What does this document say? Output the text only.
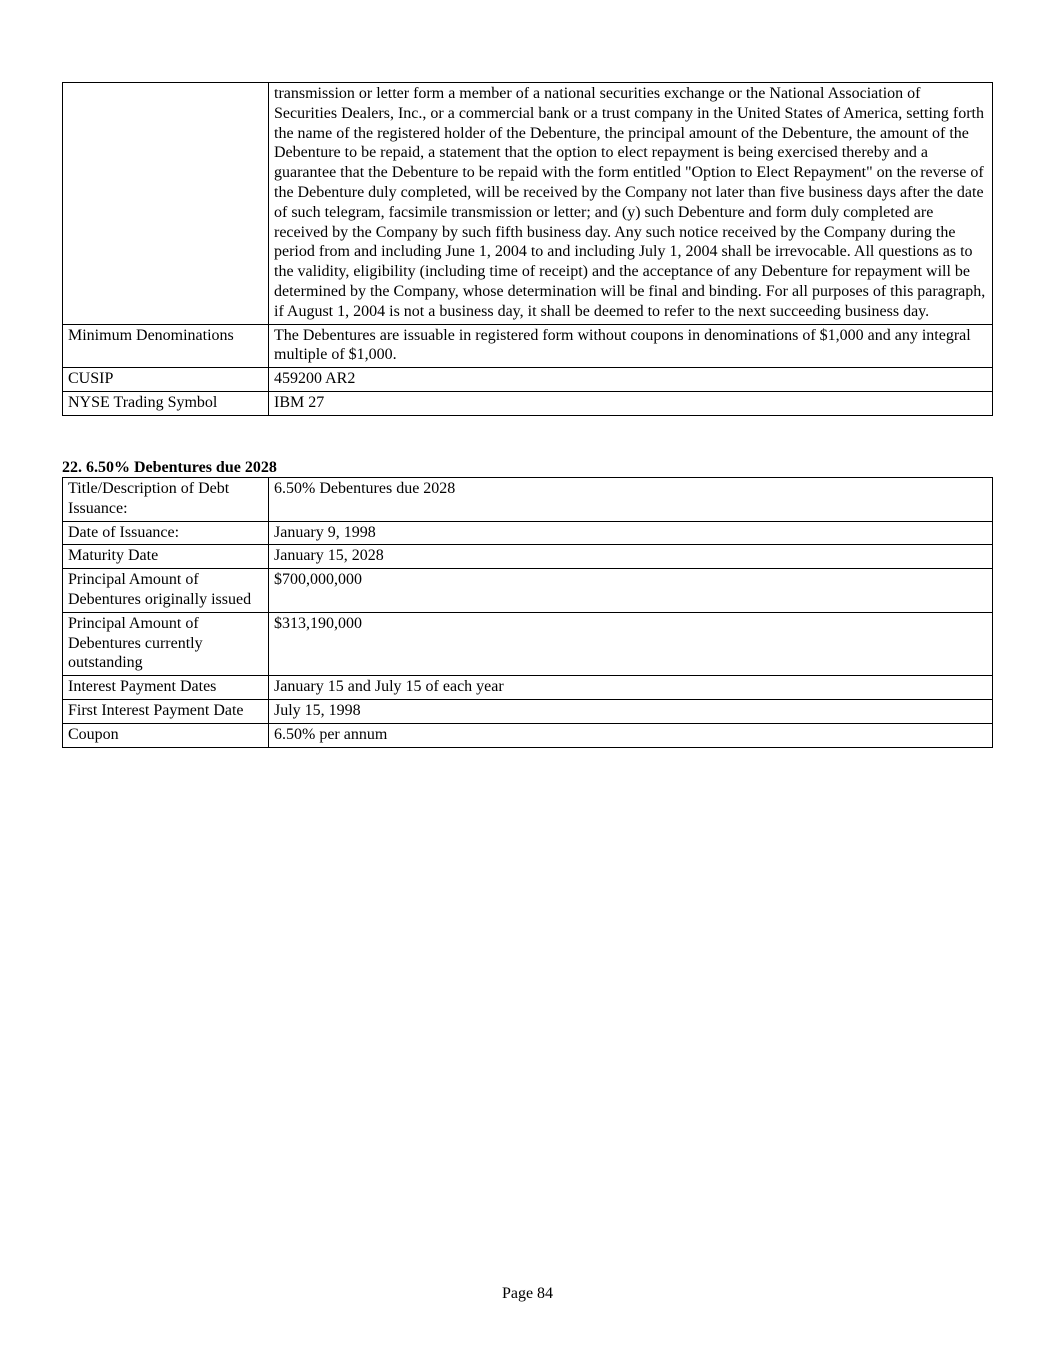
	transmission or letter form a member of a national securities exchange or the National Association of Securities Dealers, Inc., or a commercial bank or a trust company in the United States of America, setting forth the name of the registered holder of the Debenture, the principal amount of the Debenture, the amount of the Debenture to be repaid, a statement that the option to elect repayment is being exercised thereby and a guarantee that the Debenture to be repaid with the form entitled "Option to Elect Repayment" on the reverse of the Debenture duly completed, will be received by the Company not later than five business days after the date of such telegram, facsimile transmission or letter; and (y) such Debenture and form duly completed are received by the Company by such fifth business day. Any such notice received by the Company during the period from and including June 1, 2004 to and including July 1, 2004 shall be irrevocable. All questions as to the validity, eligibility (including time of receipt) and the acceptance of any Debenture for repayment will be determined by the Company, whose determination will be final and binding. For all purposes of this paragraph, if August 1, 2004 is not a business day, it shall be deemed to refer to the next succeeding business day.
Minimum Denominations	The Debentures are issuable in registered form without coupons in denominations of $1,000 and any integral multiple of $1,000.
CUSIP	459200 AR2
NYSE Trading Symbol	IBM 27
22. 6.50% Debentures due 2028
Title/Description of Debt Issuance:	6.50% Debentures due 2028
Date of Issuance:	January 9, 1998
Maturity Date	January 15, 2028
Principal Amount of Debentures originally issued	$700,000,000
Principal Amount of Debentures currently outstanding	$313,190,000
Interest Payment Dates	January 15 and July 15 of each year
First Interest Payment Date	July 15, 1998
Coupon	6.50% per annum
Page 84
